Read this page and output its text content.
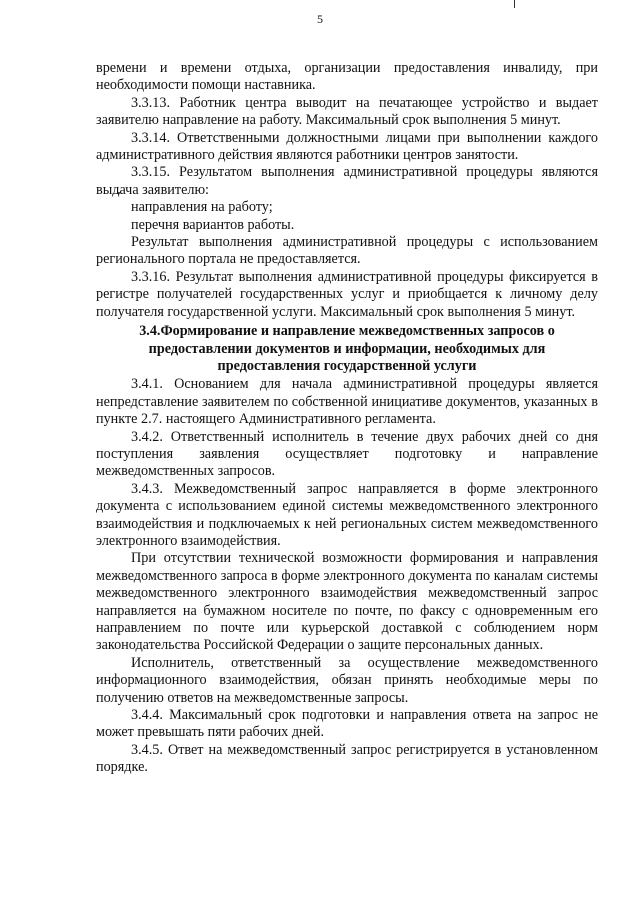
5

времени и времени отдыха, организации предоставления инвалиду, при необходимости помощи наставника.

3.3.13. Работник центра выводит на печатающее устройство и выдает заявителю направление на работу. Максимальный срок выполнения 5 минут.

3.3.14. Ответственными должностными лицами при выполнении каждого административного действия являются работники центров занятости.

3.3.15. Результатом выполнения административной процедуры являются выдача заявителю:

направления на работу;

перечня вариантов работы.

Результат выполнения административной процедуры с использованием регионального портала не предоставляется.

3.3.16. Результат выполнения административной процедуры фиксируется в регистре получателей государственных услуг и приобщается к личному делу получателя государственной услуги. Максимальный срок выполнения 5 минут.

3.4.Формирование и направление межведомственных запросов о предоставлении документов и информации, необходимых для предоставления государственной услуги

3.4.1. Основанием для начала административной процедуры является непредставление заявителем по собственной инициативе документов, указанных в пункте 2.7. настоящего Административного регламента.

3.4.2. Ответственный исполнитель в течение двух рабочих дней со дня поступления заявления осуществляет подготовку и направление межведомственных запросов.

3.4.3. Межведомственный запрос направляется в форме электронного документа с использованием единой системы межведомственного электронного взаимодействия и подключаемых к ней региональных систем межведомственного электронного взаимодействия.

При отсутствии технической возможности формирования и направления межведомственного запроса в форме электронного документа по каналам системы межведомственного электронного взаимодействия межведомственный запрос направляется на бумажном носителе по почте, по факсу с одновременным его направлением по почте или курьерской доставкой с соблюдением норм законодательства Российской Федерации о защите персональных данных.

Исполнитель, ответственный за осуществление межведомственного информационного взаимодействия, обязан принять необходимые меры по получению ответов на межведомственные запросы.

3.4.4. Максимальный срок подготовки и направления ответа на запрос не может превышать пяти рабочих дней.

3.4.5. Ответ на межведомственный запрос регистрируется в установленном порядке.
